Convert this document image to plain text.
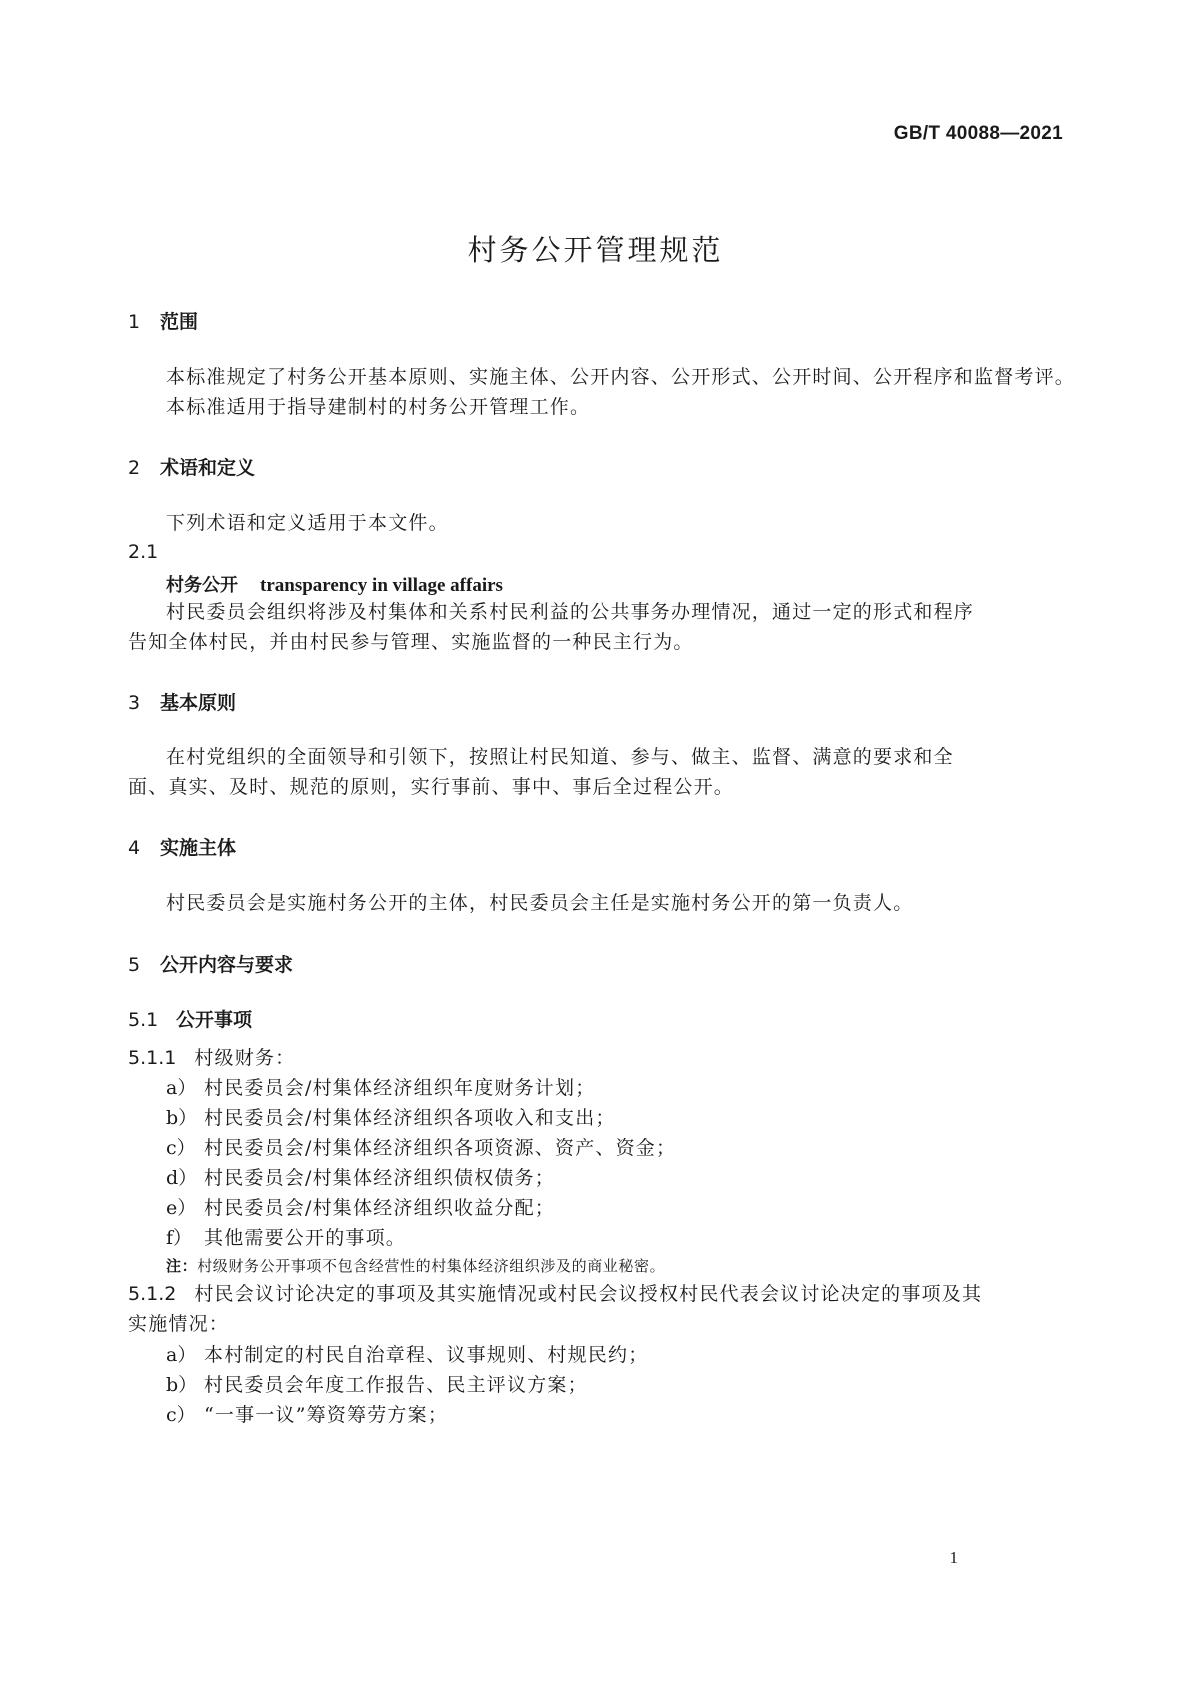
GB/T 40088—2021
村务公开管理规范
1 范围
本标准规定了村务公开基本原则、实施主体、公开内容、公开形式、公开时间、公开程序和监督考评。
本标准适用于指导建制村的村务公开管理工作。
2 术语和定义
下列术语和定义适用于本文件。
2.1
村务公开 transparency in village affairs
村民委员会组织将涉及村集体和关系村民利益的公共事务办理情况，通过一定的形式和程序告知全体村民，并由村民参与管理、实施监督的一种民主行为。
3 基本原则
在村党组织的全面领导和引领下，按照让村民知道、参与、做主、监督、满意的要求和全面、真实、及时、规范的原则，实行事前、事中、事后全过程公开。
4 实施主体
村民委员会是实施村务公开的主体，村民委员会主任是实施村务公开的第一负责人。
5 公开内容与要求
5.1 公开事项
5.1.1 村级财务：
a） 村民委员会/村集体经济组织年度财务计划；
b） 村民委员会/村集体经济组织各项收入和支出；
c） 村民委员会/村集体经济组织各项资源、资产、资金；
d） 村民委员会/村集体经济组织债权债务；
e） 村民委员会/村集体经济组织收益分配；
f） 其他需要公开的事项。
注：村级财务公开事项不包含经营性的村集体经济组织涉及的商业秘密。
5.1.2 村民会议讨论决定的事项及其实施情况或村民会议授权村民代表会议讨论决定的事项及其实施情况：
a） 本村制定的村民自治章程、议事规则、村规民约；
b） 村民委员会年度工作报告、民主评议方案；
c） “一事一议”筹资筹劳方案；
1
